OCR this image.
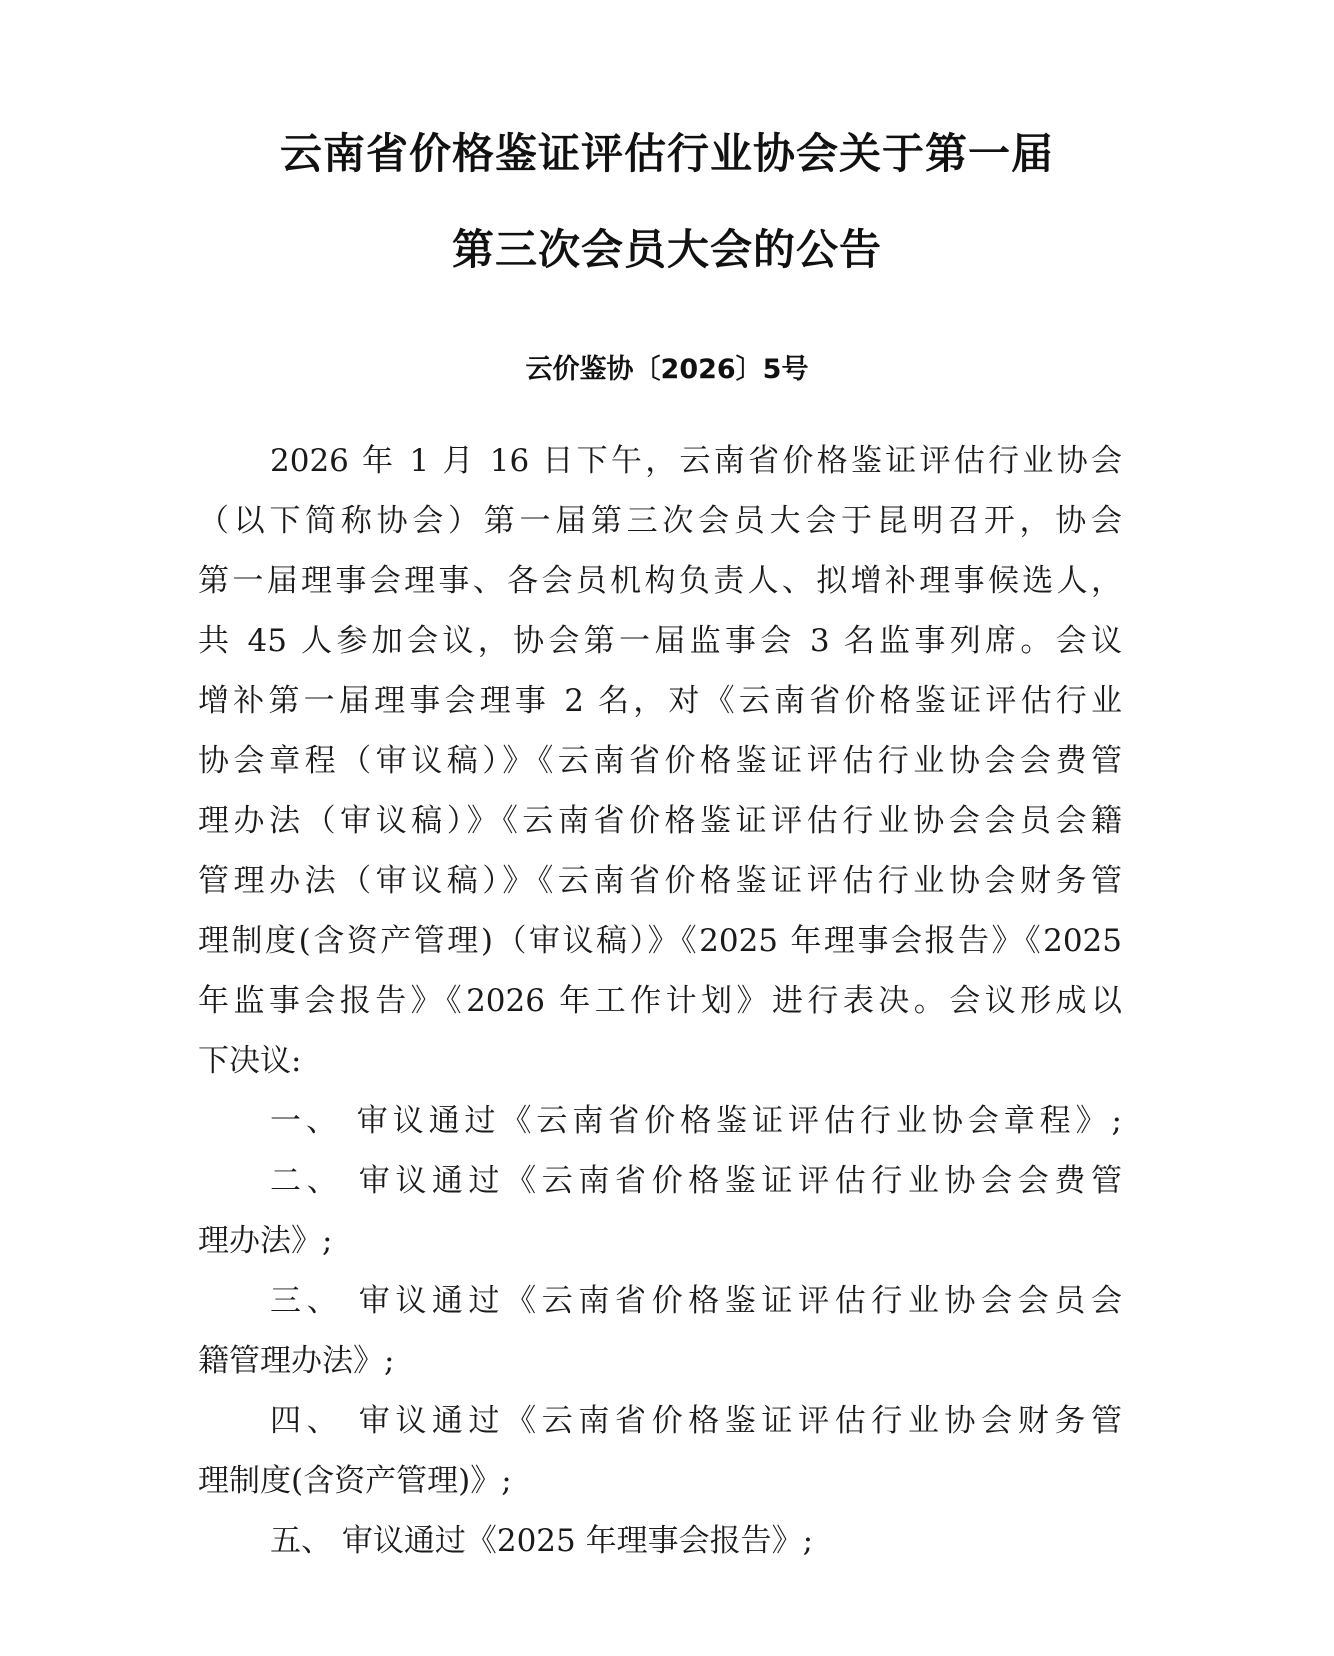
云南省价格鉴证评估行业协会关于第一届
第三次会员大会的公告
云价鉴协〔2026〕5号
2026 年 1 月 16 日下午，云南省价格鉴证评估行业协会
（以下简称协会）第一届第三次会员大会于昆明召开，协会
第一届理事会理事、各会员机构负责人、拟增补理事候选人，
共 45 人参加会议，协会第一届监事会 3 名监事列席。会议
增补第一届理事会理事 2 名，对《云南省价格鉴证评估行业
协会章程（审议稿）》《云南省价格鉴证评估行业协会会费管
理办法（审议稿）》《云南省价格鉴证评估行业协会会员会籍
管理办法（审议稿）》《云南省价格鉴证评估行业协会财务管
理制度(含资产管理)（审议稿）》《2025 年理事会报告》《2025
年监事会报告》《2026 年工作计划》进行表决。会议形成以
下决议:
一、 审议通过《云南省价格鉴证评估行业协会章程》;
二、 审议通过《云南省价格鉴证评估行业协会会费管
理办法》;
三、 审议通过《云南省价格鉴证评估行业协会会员会
籍管理办法》;
四、 审议通过《云南省价格鉴证评估行业协会财务管
理制度(含资产管理)》;
五、 审议通过《2025 年理事会报告》;
